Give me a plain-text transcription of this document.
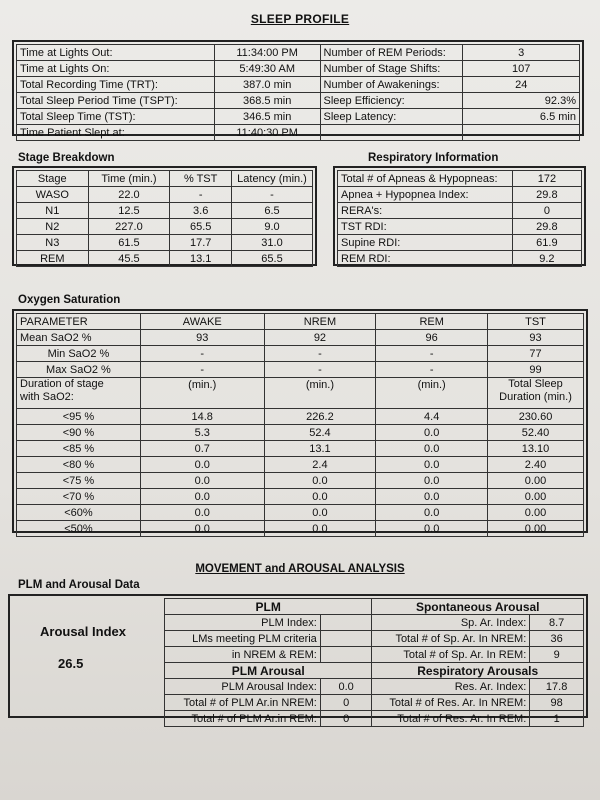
SLEEP PROFILE
Time at Lights Out:	11:34:00 PM	Number of REM Periods:	3
Time at Lights On:	5:49:30 AM	Number of Stage Shifts:	107
Total Recording Time (TRT):	387.0 min	Number of Awakenings:	24
Total Sleep Period Time (TSPT):	368.5 min	Sleep Efficiency:	92.3%
Total Sleep Time (TST):	346.5 min	Sleep Latency:	6.5 min
Time Patient Slept at:	11:40:30 PM		
Stage Breakdown
Stage	Time (min.)	% TST	Latency (min.)
WASO	22.0	-	-
N1	12.5	3.6	6.5
N2	227.0	65.5	9.0
N3	61.5	17.7	31.0
REM	45.5	13.1	65.5
Respiratory Information
Total # of Apneas & Hypopneas:	172
Apnea + Hypopnea Index:	29.8
RERA's:	0
TST RDI:	29.8
Supine RDI:	61.9
REM RDI:	9.2
Oxygen Saturation
PARAMETER	AWAKE	NREM	REM	TST
Mean SaO2 %	93	92	96	93
Min SaO2 %	-	-	-	77
Max SaO2 %	-	-	-	99
Duration of stage
with SaO2:	(min.)	(min.)	(min.)	Total Sleep
Duration (min.)
<95 %	14.8	226.2	4.4	230.60
<90 %	5.3	52.4	0.0	52.40
<85 %	0.7	13.1	0.0	13.10
<80 %	0.0	2.4	0.0	2.40
<75 %	0.0	0.0	0.0	0.00
<70 %	0.0	0.0	0.0	0.00
<60%	0.0	0.0	0.0	0.00
<50%	0.0	0.0	0.0	0.00
MOVEMENT and AROUSAL ANALYSIS
PLM and Arousal Data
Arousal Index
26.5
PLM		Spontaneous Arousal	
PLM Index:		Sp. Ar. Index:	8.7
LMs meeting PLM criteria		Total # of Sp. Ar. In NREM:	36
in NREM & REM:		Total # of Sp. Ar. In REM:	9
PLM Arousal		Respiratory Arousals	
PLM Arousal Index:	0.0	Res. Ar. Index:	17.8
Total # of PLM Ar.in NREM:	0	Total # of Res. Ar. In NREM:	98
Total # of PLM Ar.in REM:	0	Total # of Res. Ar. In REM:	1
